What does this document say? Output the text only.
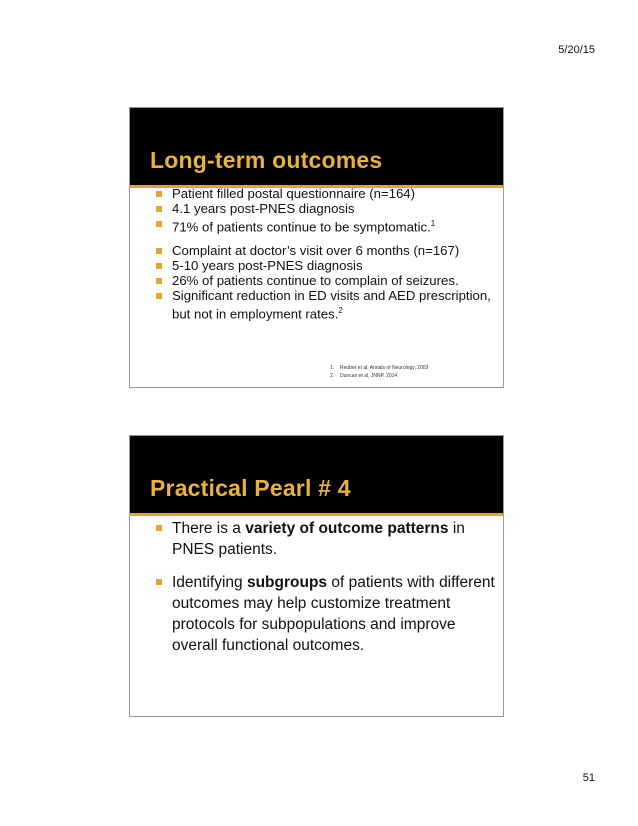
5/20/15
Long-term outcomes
Patient filled postal questionnaire (n=164)
4.1 years post-PNES diagnosis
71% of patients continue to be symptomatic.$^1$
Complaint at doctor’s visit over 6 months (n=167)
5-10 years post-PNES diagnosis
26% of patients continue to complain of seizures.
Significant reduction in ED visits and AED prescription, but not in employment rates.$^2$
1. Reuber et al, Annals of Neurology, 2003
2. Duncan et al, JNNP, 2014
Practical Pearl # 4
There is a variety of outcome patterns in PNES patients.
Identifying subgroups of patients with different outcomes may help customize treatment protocols for subpopulations and improve overall functional outcomes.
51
